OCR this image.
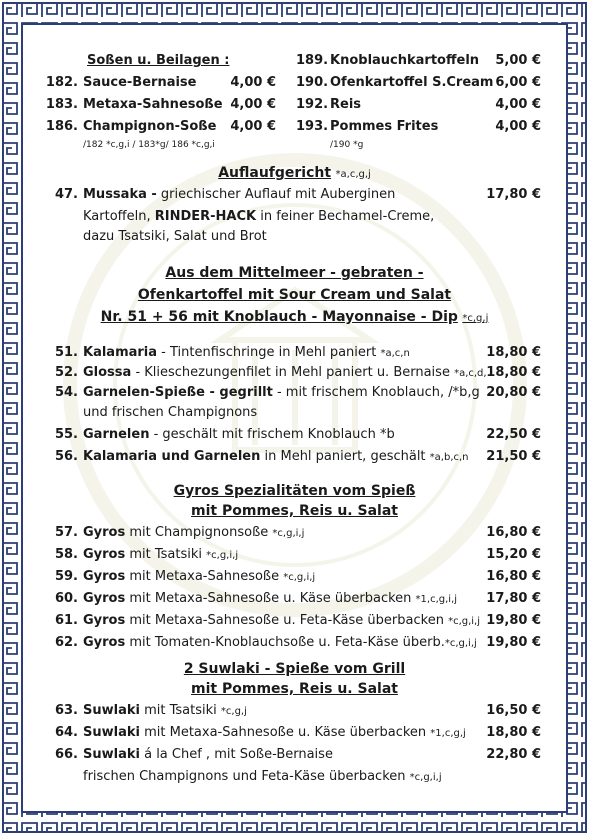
Soßen u. Beilagen :
182. Sauce-Bernaise	4,00 €
183. Metaxa-Sahnesoße 4,00 €
186. Champignon-Soße	4,00 €
/182 *c,g,i / 183*g/ 186 *c,g,i
189. Knoblauchkartoffeln	5,00 €
190. Ofenkartoffel S.Cream 6,00 €
192. Reis	4,00 €
193. Pommes Frites	4,00 €
/190 *g
Auflaufgericht *a,c,g,j
47. Mussaka - griechischer Auflauf mit Auberginen	17,80 €
Kartoffeln, RINDER-HACK in feiner Bechamel-Creme,
dazu Tsatsiki, Salat und Brot
Aus dem Mittelmeer - gebraten -
Ofenkartoffel mit Sour Cream und Salat
Nr. 51 + 56 mit Knoblauch - Mayonnaise - Dip *c,g,j
51. Kalamaria - Tintenfischringe in Mehl paniert *a,c,n	18,80 €
52. Glossa - Klieschezungenfilet in Mehl paniert u. Bernaise *a,c,d, 18,80 €
54. Garnelen-Spieße - gegrillt - mit frischem Knoblauch, /*b,g 20,80 €
und frischen Champignons
55. Garnelen - geschält mit frischem Knoblauch *b	22,50 €
56. Kalamaria und Garnelen in Mehl paniert, geschält *a,b,c,n	21,50 €
Gyros Spezialitäten vom Spieß
mit Pommes, Reis u. Salat
57. Gyros mit Champignonsoße *c,g,i,j	16,80 €
58. Gyros mit Tsatsiki *c,g,i,j	15,20 €
59. Gyros mit Metaxa-Sahnesoße *c,g,i,j	16,80 €
60. Gyros mit Metaxa-Sahnesoße u. Käse überbacken *1,c,g,i,j	17,80 €
61. Gyros mit Metaxa-Sahnesoße u. Feta-Käse überbacken *c,g,i,j 19,80 €
62. Gyros mit Tomaten-Knoblauchsoße u. Feta-Käse überb.*c,g,i,j 19,80 €
2 Suwlaki - Spieße vom Grill
mit Pommes, Reis u. Salat
63. Suwlaki mit Tsatsiki *c,g,j	16,50 €
64. Suwlaki mit Metaxa-Sahnesoße u. Käse überbacken *1,c,g,j	18,80 €
66. Suwlaki á la Chef , mit Soße-Bernaise	22,80 €
frischen Champignons und Feta-Käse überbacken *c,g,i,j
